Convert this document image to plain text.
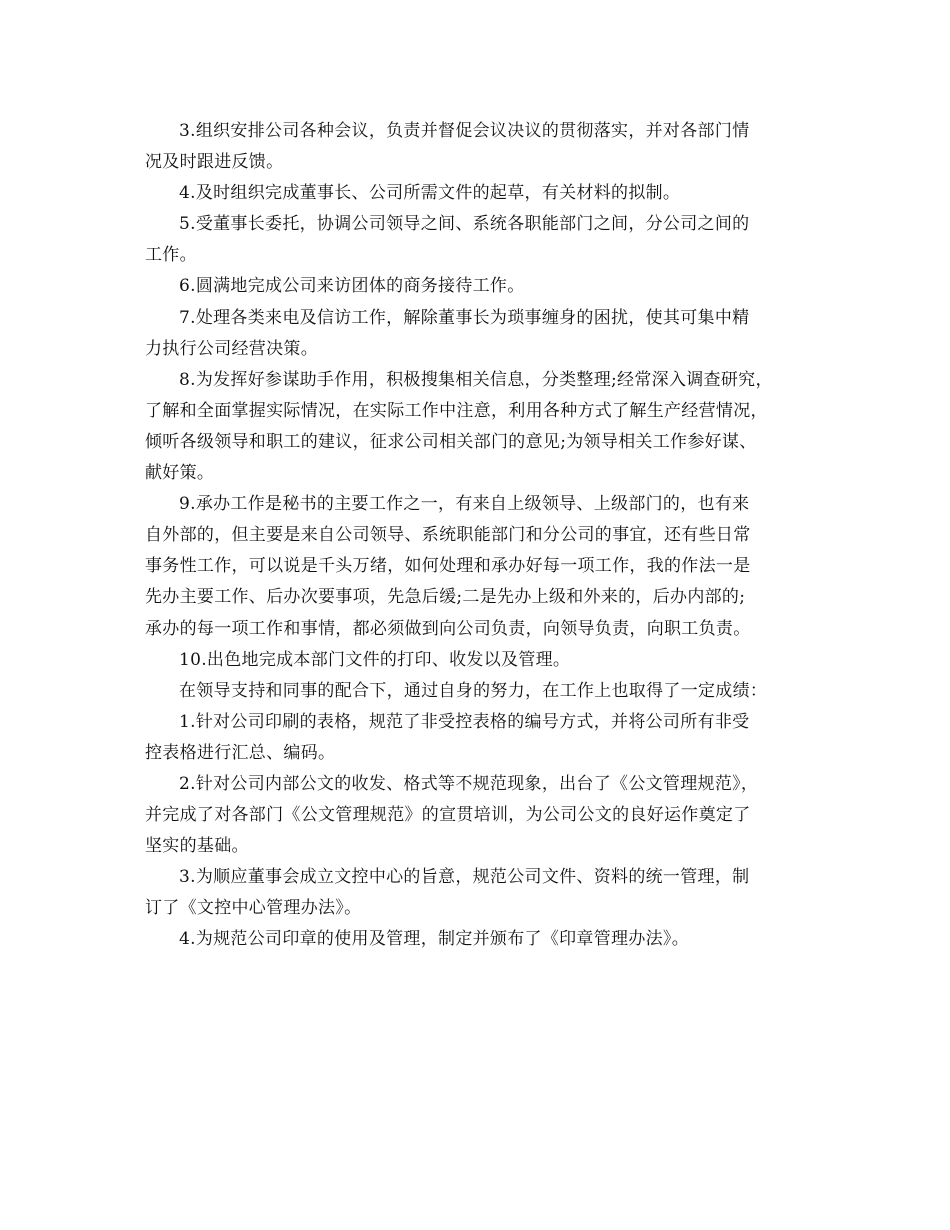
3.组织安排公司各种会议，负责并督促会议决议的贯彻落实，并对各部门情
况及时跟进反馈。
4.及时组织完成董事长、公司所需文件的起草，有关材料的拟制。
5.受董事长委托，协调公司领导之间、系统各职能部门之间，分公司之间的
工作。
6.圆满地完成公司来访团体的商务接待工作。
7.处理各类来电及信访工作，解除董事长为琐事缠身的困扰，使其可集中精
力执行公司经营决策。
8.为发挥好参谋助手作用，积极搜集相关信息，分类整理;经常深入调查研究，
了解和全面掌握实际情况，在实际工作中注意，利用各种方式了解生产经营情况，
倾听各级领导和职工的建议，征求公司相关部门的意见;为领导相关工作参好谋、
献好策。
9.承办工作是秘书的主要工作之一，有来自上级领导、上级部门的，也有来
自外部的，但主要是来自公司领导、系统职能部门和分公司的事宜，还有些日常
事务性工作，可以说是千头万绪，如何处理和承办好每一项工作，我的作法一是
先办主要工作、后办次要事项，先急后缓;二是先办上级和外来的，后办内部的;
承办的每一项工作和事情，都必须做到向公司负责，向领导负责，向职工负责。
10.出色地完成本部门文件的打印、收发以及管理。
在领导支持和同事的配合下，通过自身的努力，在工作上也取得了一定成绩：
1.针对公司印刷的表格，规范了非受控表格的编号方式，并将公司所有非受
控表格进行汇总、编码。
2.针对公司内部公文的收发、格式等不规范现象，出台了《公文管理规范》，
并完成了对各部门《公文管理规范》的宣贯培训，为公司公文的良好运作奠定了
坚实的基础。
3.为顺应董事会成立文控中心的旨意，规范公司文件、资料的统一管理，制
订了《文控中心管理办法》。
4.为规范公司印章的使用及管理，制定并颁布了《印章管理办法》。
